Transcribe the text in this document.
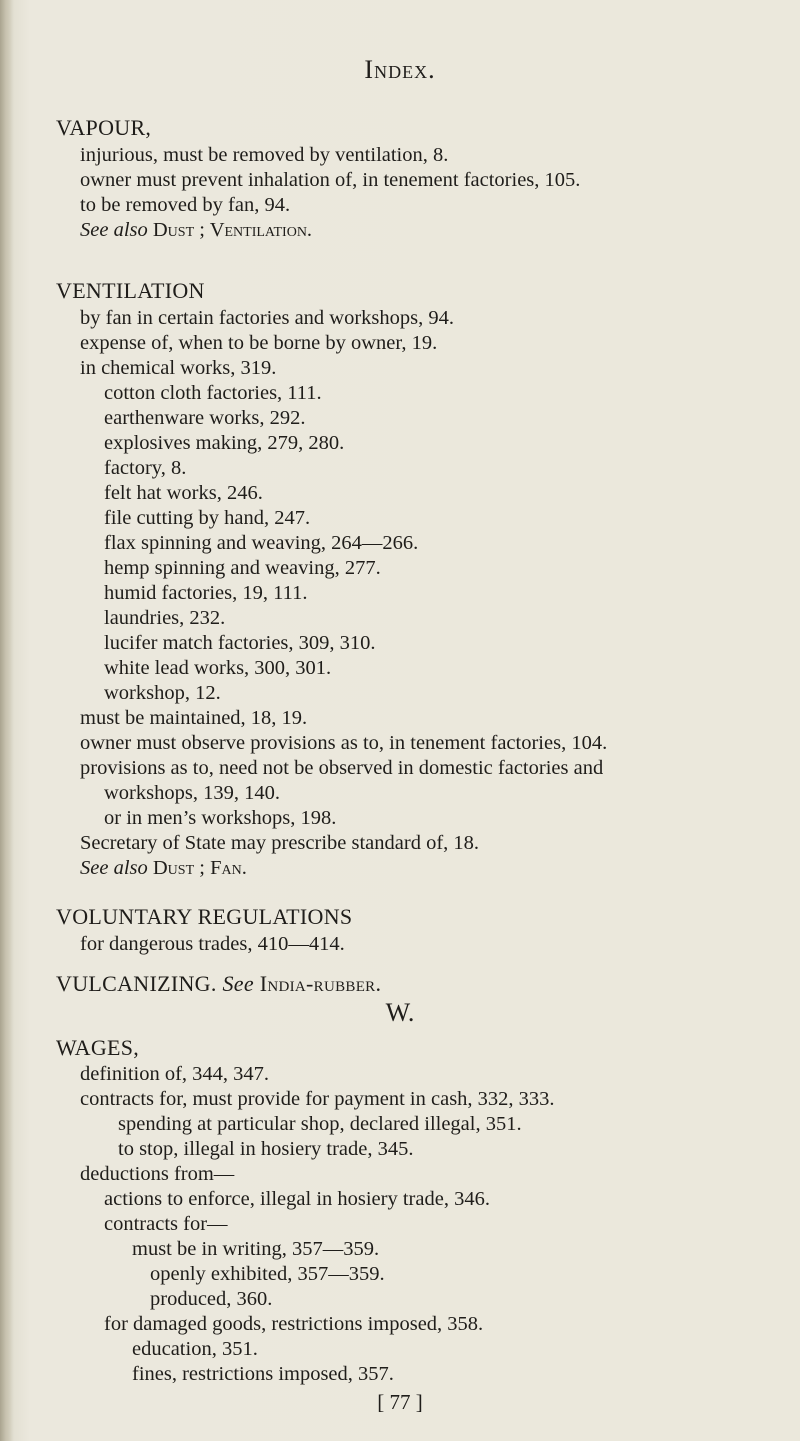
Index.
VAPOUR,
injurious, must be removed by ventilation, 8.
owner must prevent inhalation of, in tenement factories, 105.
to be removed by fan, 94.
See also Dust ; Ventilation.
VENTILATION
by fan in certain factories and workshops, 94.
expense of, when to be borne by owner, 19.
in chemical works, 319.
cotton cloth factories, 111.
earthenware works, 292.
explosives making, 279, 280.
factory, 8.
felt hat works, 246.
file cutting by hand, 247.
flax spinning and weaving, 264—266.
hemp spinning and weaving, 277.
humid factories, 19, 111.
laundries, 232.
lucifer match factories, 309, 310.
white lead works, 300, 301.
workshop, 12.
must be maintained, 18, 19.
owner must observe provisions as to, in tenement factories, 104.
provisions as to, need not be observed in domestic factories and
workshops, 139, 140.
or in men’s workshops, 198.
Secretary of State may prescribe standard of, 18.
See also Dust ; Fan.
VOLUNTARY REGULATIONS
for dangerous trades, 410—414.
VULCANIZING. See India-rubber.
W.
WAGES,
definition of, 344, 347.
contracts for, must provide for payment in cash, 332, 333.
spending at particular shop, declared illegal, 351.
to stop, illegal in hosiery trade, 345.
deductions from—
actions to enforce, illegal in hosiery trade, 346.
contracts for—
must be in writing, 357—359.
openly exhibited, 357—359.
produced, 360.
for damaged goods, restrictions imposed, 358.
education, 351.
[ 77 ]
fines, restrictions imposed, 357.
